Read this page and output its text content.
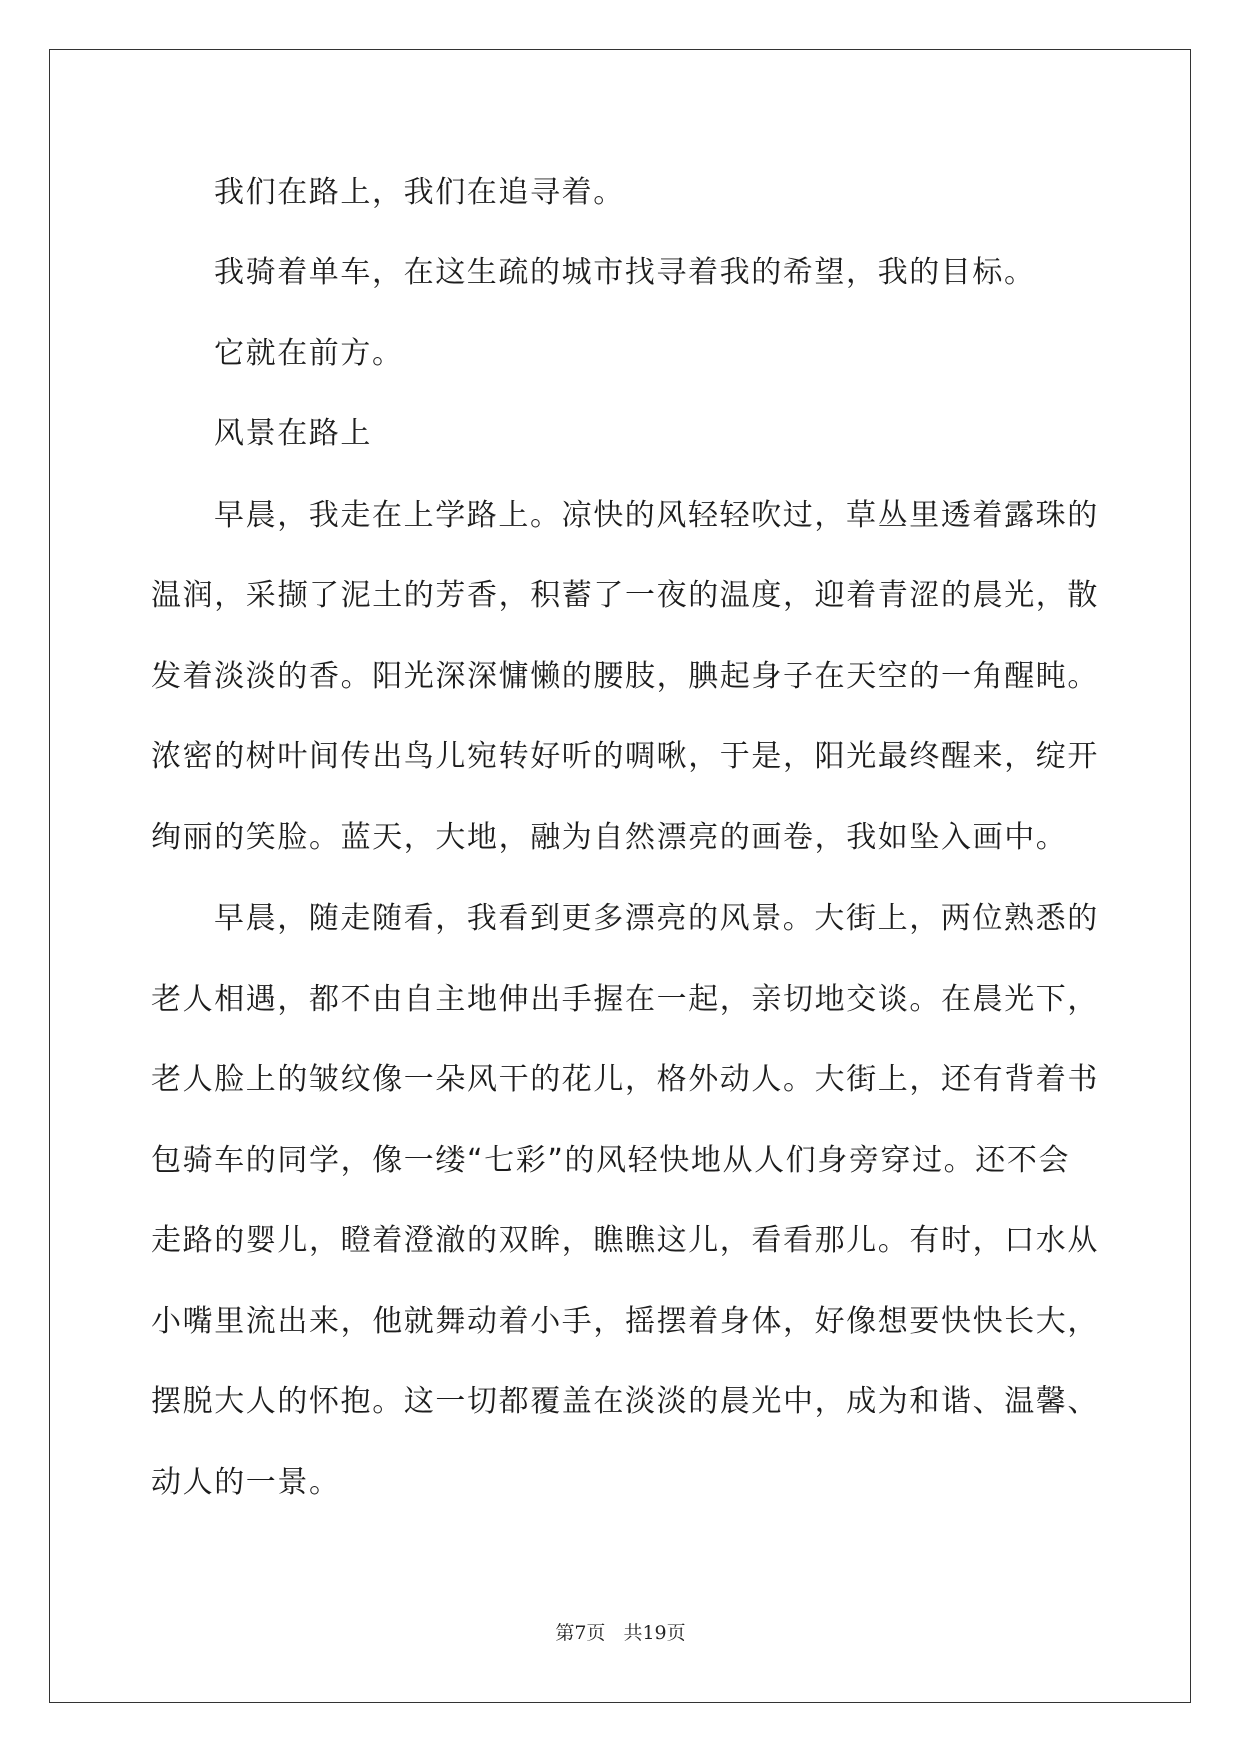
我们在路上，我们在追寻着。
我骑着单车，在这生疏的城市找寻着我的希望，我的目标。
它就在前方。
风景在路上
早晨，我走在上学路上。凉快的风轻轻吹过，草丛里透着露珠的
温润，采撷了泥土的芳香，积蓄了一夜的温度，迎着青涩的晨光，散
发着淡淡的香。阳光深深慵懒的腰肢，腆起身子在天空的一角醒盹。
浓密的树叶间传出鸟儿宛转好听的啁啾，于是，阳光最终醒来，绽开
绚丽的笑脸。蓝天，大地，融为自然漂亮的画卷，我如坠入画中。
早晨，随走随看，我看到更多漂亮的风景。大街上，两位熟悉的
老人相遇，都不由自主地伸出手握在一起，亲切地交谈。在晨光下，
老人脸上的皱纹像一朵风干的花儿，格外动人。大街上，还有背着书
包骑车的同学，像一缕“七彩”的风轻快地从人们身旁穿过。还不会
走路的婴儿，瞪着澄澈的双眸，瞧瞧这儿，看看那儿。有时，口水从
小嘴里流出来，他就舞动着小手，摇摆着身体，好像想要快快长大，
摆脱大人的怀抱。这一切都覆盖在淡淡的晨光中，成为和谐、温馨、
动人的一景。
第7页 共19页
